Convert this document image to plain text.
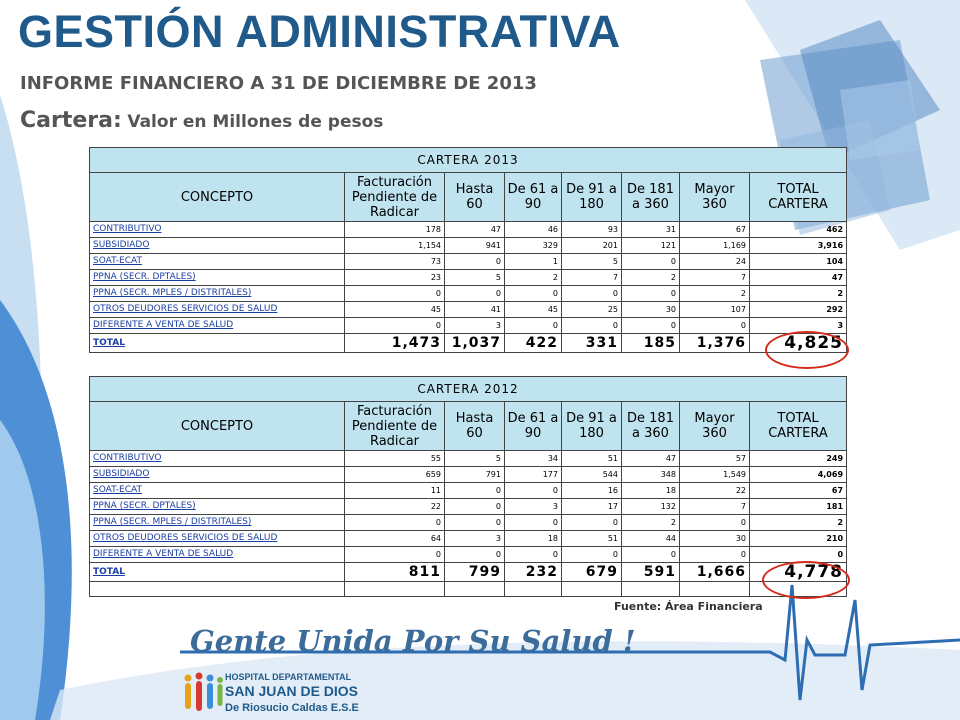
GESTIÓN ADMINISTRATIVA
INFORME FINANCIERO A 31 DE DICIEMBRE DE 2013
Cartera: Valor en Millones de pesos
CARTERA 2013							
CONCEPTO	Facturación Pendiente de Radicar	Hasta 60	De 61 a 90	De 91 a 180	De 181 a 360	Mayor 360	TOTAL CARTERA
CONTRIBUTIVO	178	47	46	93	31	67	462
SUBSIDIADO	1,154	941	329	201	121	1,169	3,916
SOAT-ECAT	73	0	1	5	0	24	104
PPNA (SECR. DPTALES)	23	5	2	7	2	7	47
PPNA (SECR. MPLES / DISTRITALES)	0	0	0	0	0	2	2
OTROS DEUDORES SERVICIOS DE SALUD	45	41	45	25	30	107	292
DIFERENTE A VENTA DE SALUD	0	3	0	0	0	0	3
TOTAL	1,473	1,037	422	331	185	1,376	4,825
CARTERA 2012							
CONCEPTO	Facturación Pendiente de Radicar	Hasta 60	De 61 a 90	De 91 a 180	De 181 a 360	Mayor 360	TOTAL CARTERA
CONTRIBUTIVO	55	5	34	51	47	57	249
SUBSIDIADO	659	791	177	544	348	1,549	4,069
SOAT-ECAT	11	0	0	16	18	22	67
PPNA (SECR. DPTALES)	22	0	3	17	132	7	181
PPNA (SECR. MPLES / DISTRITALES)	0	0	0	0	2	0	2
OTROS DEUDORES SERVICIOS DE SALUD	64	3	18	51	44	30	210
DIFERENTE A VENTA DE SALUD	0	0	0	0	0	0	0
TOTAL	811	799	232	679	591	1,666	4,778

Fuente: Área Financiera
Gente Unida Por Su Salud !
HOSPITAL DEPARTAMENTAL
SAN JUAN DE DIOS
De Riosucio Caldas E.S.E
